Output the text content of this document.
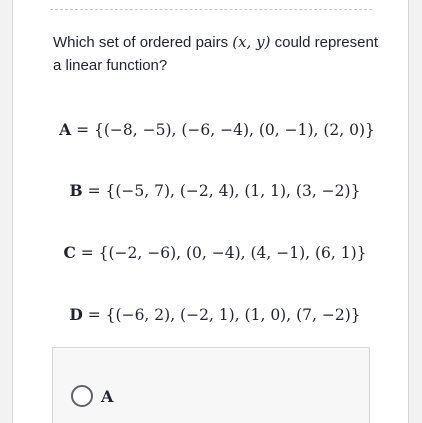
Which set of ordered pairs (x, y) could represent a linear function?

A = {(−8, −5), (−6, −4), (0, −1), (2, 0)}
B = {(−5, 7), (−2, 4), (1, 1), (3, −2)}
C = {(−2, −6), (0, −4), (4, −1), (6, 1)}
D = {(−6, 2), (−2, 1), (1, 0), (7, −2)}
A
